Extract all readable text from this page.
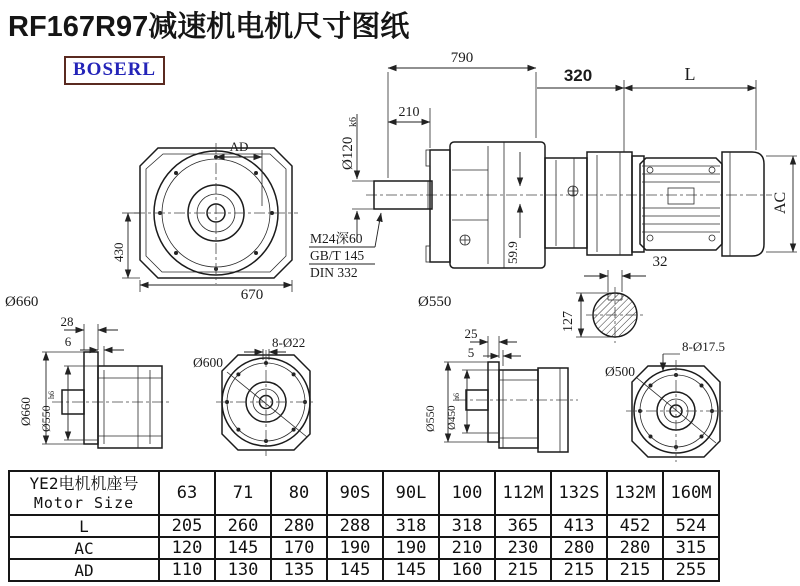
790
210
320	L
Ø120
k6
M24深60
GB/T 145
DIN 332
59.9
AC
AD
430
670
32
127
Ø660
28
6
Ø660 Ø550
h6
Ø600
8-Ø22
Ø550
25
5
Ø550 Ø450
h6
Ø500
8-Ø17.5
RF167R97减速机电机尺寸图纸
BOSERL
YE2电机机座号
Motor Size	63	71	80	90S	90L	100	112M	132S	132M	160M
L	205	260	280	288	318	318	365	413	452	524
AC	120	145	170	190	190	210	230	280	280	315
AD	110	130	135	145	145	160	215	215	215	255
